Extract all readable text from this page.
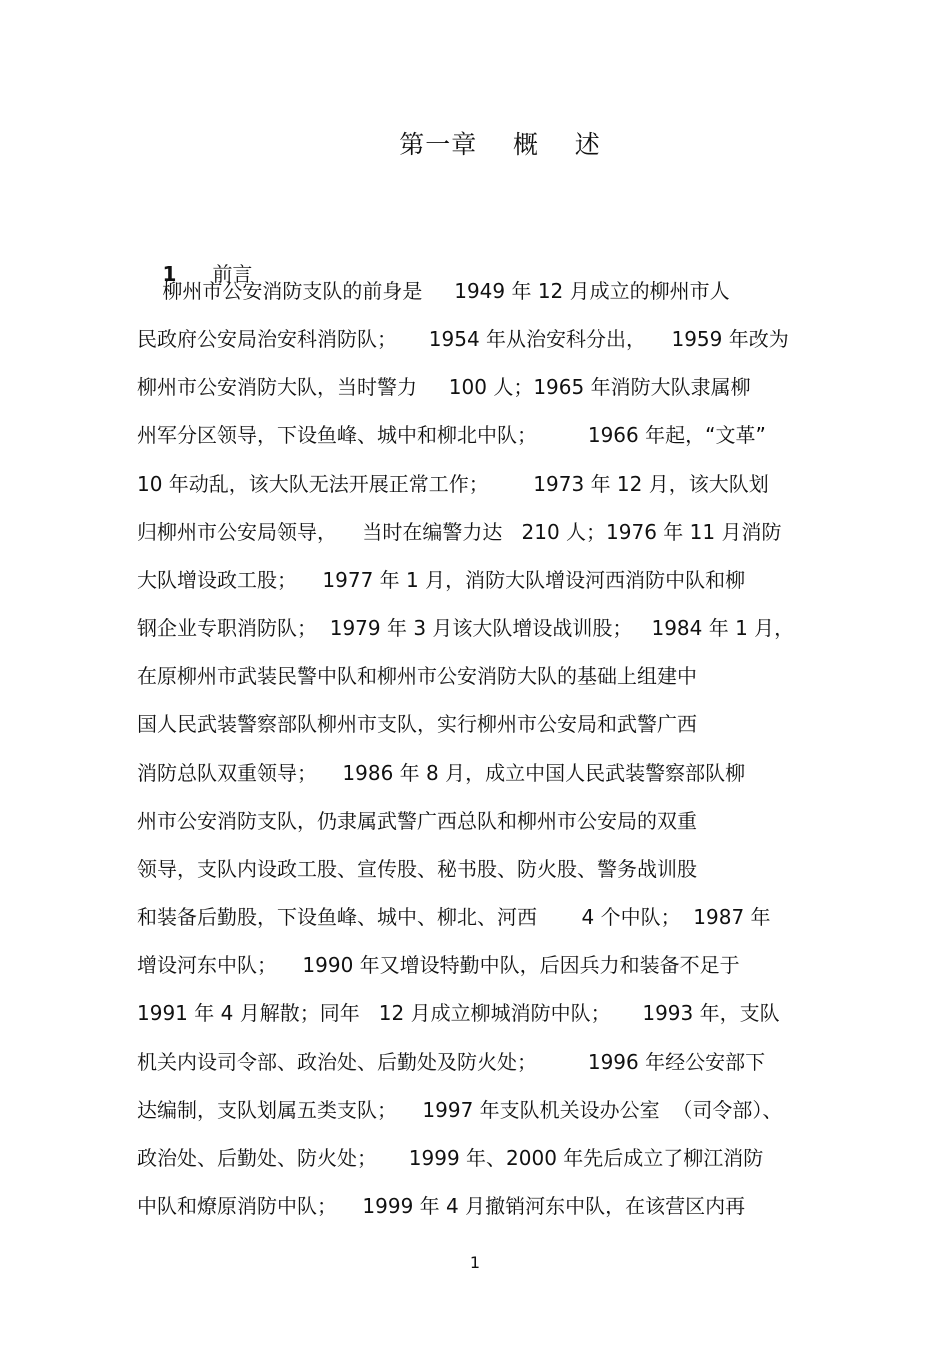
第一章    概    述

1 前言

柳州市公安消防支队的前身是     1949 年 12 月成立的柳州市人
民政府公安局治安科消防队；     1954 年从治安科分出，    1959 年改为
柳州市公安消防大队，当时警力     100 人；1965 年消防大队隶属柳
州军分区领导，下设鱼峰、城中和柳北中队；        1966 年起，“文革”
10 年动乱，该大队无法开展正常工作；       1973 年 12 月，该大队划
归柳州市公安局领导，    当时在编警力达   210 人；1976 年 11 月消防
大队增设政工股；    1977 年 1 月，消防大队增设河西消防中队和柳
钢企业专职消防队；  1979 年 3 月该大队增设战训股；   1984 年 1 月，
在原柳州市武装民警中队和柳州市公安消防大队的基础上组建中
国人民武装警察部队柳州市支队，实行柳州市公安局和武警广西
消防总队双重领导；    1986 年 8 月，成立中国人民武装警察部队柳
州市公安消防支队，仍隶属武警广西总队和柳州市公安局的双重
领导，支队内设政工股、宣传股、秘书股、防火股、警务战训股
和装备后勤股，下设鱼峰、城中、柳北、河西       4 个中队；  1987 年
增设河东中队；    1990 年又增设特勤中队，后因兵力和装备不足于
1991 年 4 月解散；同年   12 月成立柳城消防中队；     1993 年，支队
机关内设司令部、政治处、后勤处及防火处；        1996 年经公安部下
达编制，支队划属五类支队；    1997 年支队机关设办公室  （司令部）、
政治处、后勤处、防火处；     1999 年、2000 年先后成立了柳江消防
中队和燎原消防中队；    1999 年 4 月撤销河东中队，在该营区内再
1
